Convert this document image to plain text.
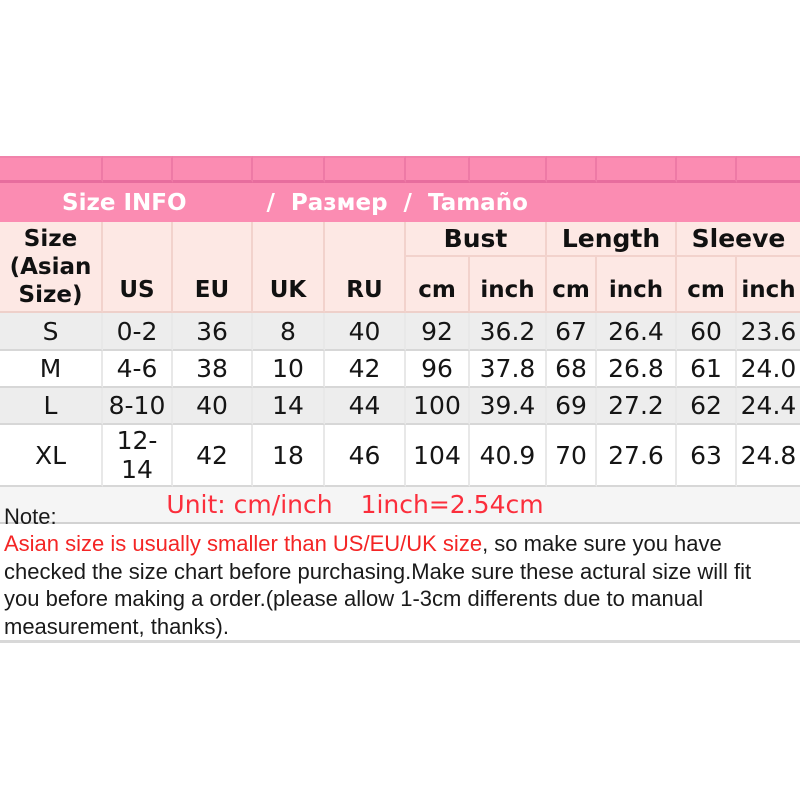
Size INFO /  Размер  /  Tamaño										

Size
(Asian
Size)	US	EU	UK	RU	Bust		Length		Sleeve	
					cm	inch	cm	inch	cm	inch
S	0-2	36	8	40	92	36.2	67	26.4	60	23.6
M	4-6	38	10	42	96	37.8	68	26.8	61	24.0
L	8-10	40	14	44	100	39.4	69	27.2	62	24.4
XL	12-14	42	18	46	104	40.9	70	27.6	63	24.8

Unit: cm/inch 1inch=2.54cm										
Note:
Asian size is usually smaller than US/EU/UK size, so make sure you have checked the size chart before purchasing.Make sure these actural size will fit you before making a order.(please allow 1-3cm differents due to manual measurement, thanks).
